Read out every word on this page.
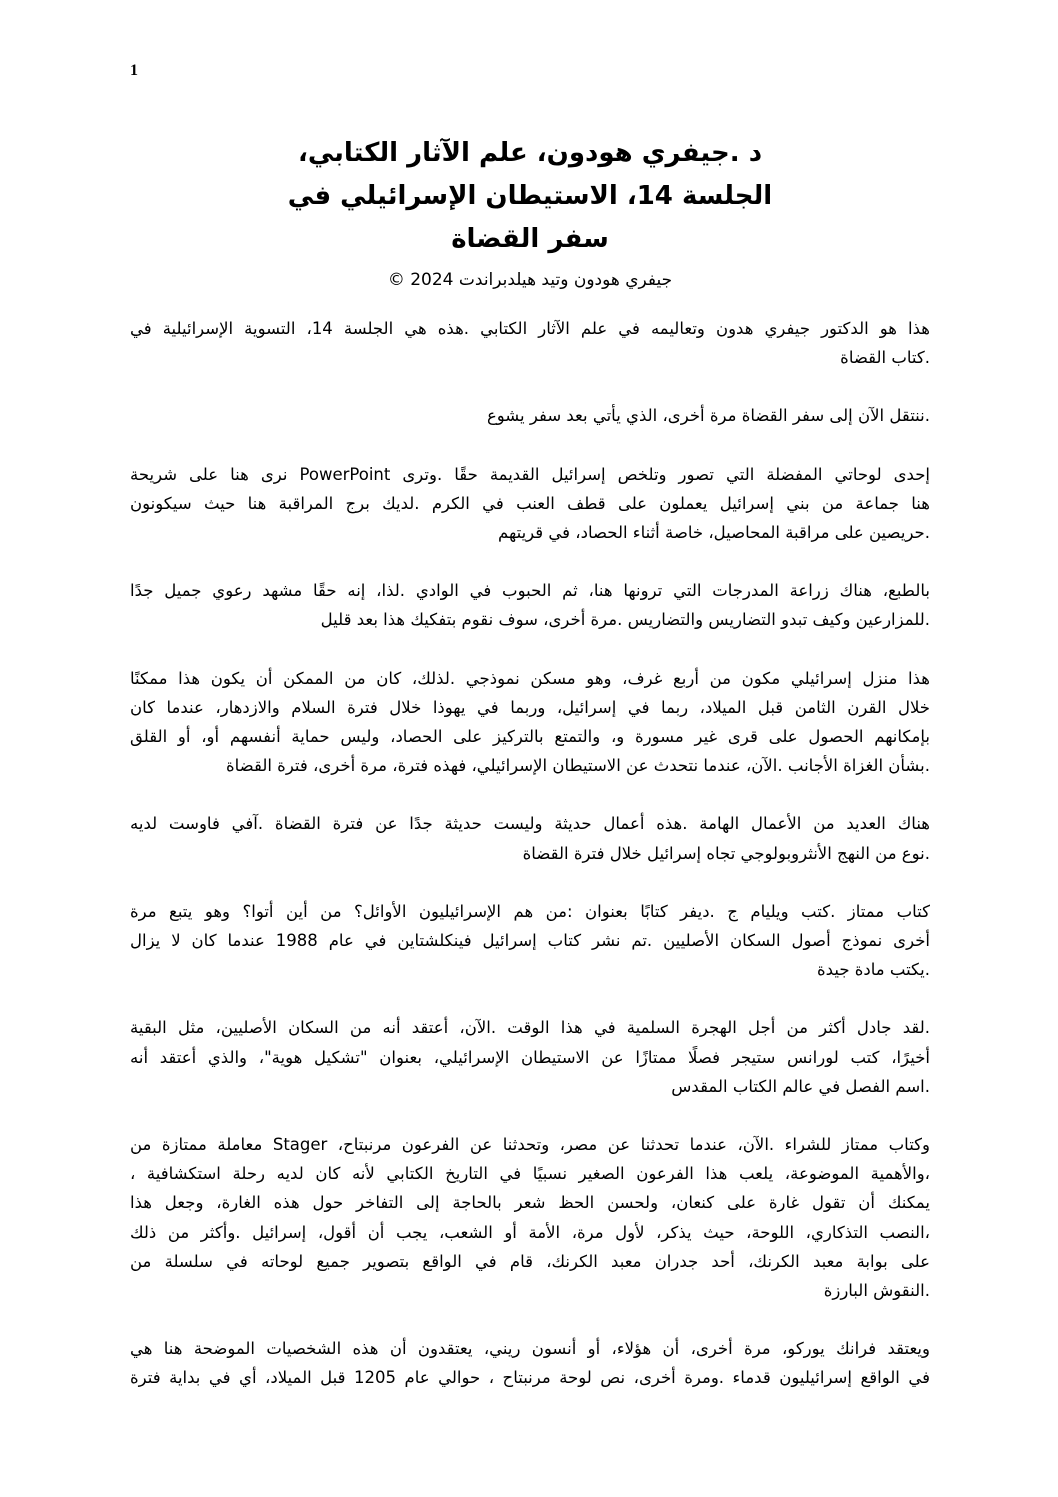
1
د .جيفري هودون، علم الآثار الكتابي،
الجلسة 14، الاستيطان الإسرائيلي في
سفر القضاة
جيفري هودون وتيد هيلدبراندت 2024 ©
هذا هو الدكتور جيفري هدون وتعاليمه في علم الآثار الكتابي .هذه هي الجلسة 14، التسوية الإسرائيلية في
.كتاب القضاة
.ننتقل الآن إلى سفر القضاة مرة أخرى، الذي يأتي بعد سفر يشوع
إحدى لوحاتي المفضلة التي تصور وتلخص إسرائيل القديمة حقًا .وترى PowerPoint نرى هنا على شريحة
هنا جماعة من بني إسرائيل يعملون على قطف العنب في الكرم .لديك برج المراقبة هنا حيث سيكونون
.حريصين على مراقبة المحاصيل، خاصة أثناء الحصاد، في قريتهم
بالطبع، هناك زراعة المدرجات التي ترونها هنا، ثم الحبوب في الوادي .لذا، إنه حقًا مشهد رعوي جميل جدًا
.للمزارعين وكيف تبدو التضاريس والتضاريس .مرة أخرى، سوف نقوم بتفكيك هذا بعد قليل
هذا منزل إسرائيلي مكون من أربع غرف، وهو مسكن نموذجي .لذلك، كان من الممكن أن يكون هذا ممكنًا
خلال القرن الثامن قبل الميلاد، ربما في إسرائيل، وربما في يهوذا خلال فترة السلام والازدهار، عندما كان
بإمكانهم الحصول على قرى غير مسورة و، والتمتع بالتركيز على الحصاد، وليس حماية أنفسهم أو، أو القلق
.بشأن الغزاة الأجانب .الآن، عندما نتحدث عن الاستيطان الإسرائيلي، فهذه فترة، مرة أخرى، فترة القضاة
هناك العديد من الأعمال الهامة .هذه أعمال حديثة وليست حديثة جدًا عن فترة القضاة .آفي فاوست لديه
.نوع من النهج الأنثروبولوجي تجاه إسرائيل خلال فترة القضاة
كتاب ممتاز .كتب ويليام ج .ديفر كتابًا بعنوان :من هم الإسرائيليون الأوائل؟ من أين أتوا؟ وهو يتبع مرة
أخرى نموذج أصول السكان الأصليين .تم نشر كتاب إسرائيل فينكلشتاين في عام 1988 عندما كان لا يزال
.يكتب مادة جيدة
.لقد جادل أكثر من أجل الهجرة السلمية في هذا الوقت .الآن، أعتقد أنه من السكان الأصليين، مثل البقية
أخيرًا، كتب لورانس ستيجر فصلًا ممتازًا عن الاستيطان الإسرائيلي، بعنوان "تشكيل هوية"، والذي أعتقد أنه
.اسم الفصل في عالم الكتاب المقدس
وكتاب ممتاز للشراء .الآن، عندما تحدثنا عن مصر، وتحدثنا عن الفرعون مرنبتاح، Stager معاملة ممتازة من
،والأهمية الموضوعة، يلعب هذا الفرعون الصغير نسبيًا في التاريخ الكتابي لأنه كان لديه رحلة استكشافية ،
يمكنك أن تقول غارة على كنعان، ولحسن الحظ شعر بالحاجة إلى التفاخر حول هذه الغارة، وجعل هذا
،النصب التذكاري، اللوحة، حيث يذكر، لأول مرة، الأمة أو الشعب، يجب أن أقول، إسرائيل .وأكثر من ذلك
على بوابة معبد الكرنك، أحد جدران معبد الكرنك، قام في الواقع بتصوير جميع لوحاته في سلسلة من
.النقوش البارزة
ويعتقد فرانك يوركو، مرة أخرى، أن هؤلاء، أو أنسون ريني، يعتقدون أن هذه الشخصيات الموضحة هنا هي
في الواقع إسرائيليون قدماء .ومرة أخرى، نص لوحة مرنبتاح ، حوالي عام 1205 قبل الميلاد، أي في بداية فترة
